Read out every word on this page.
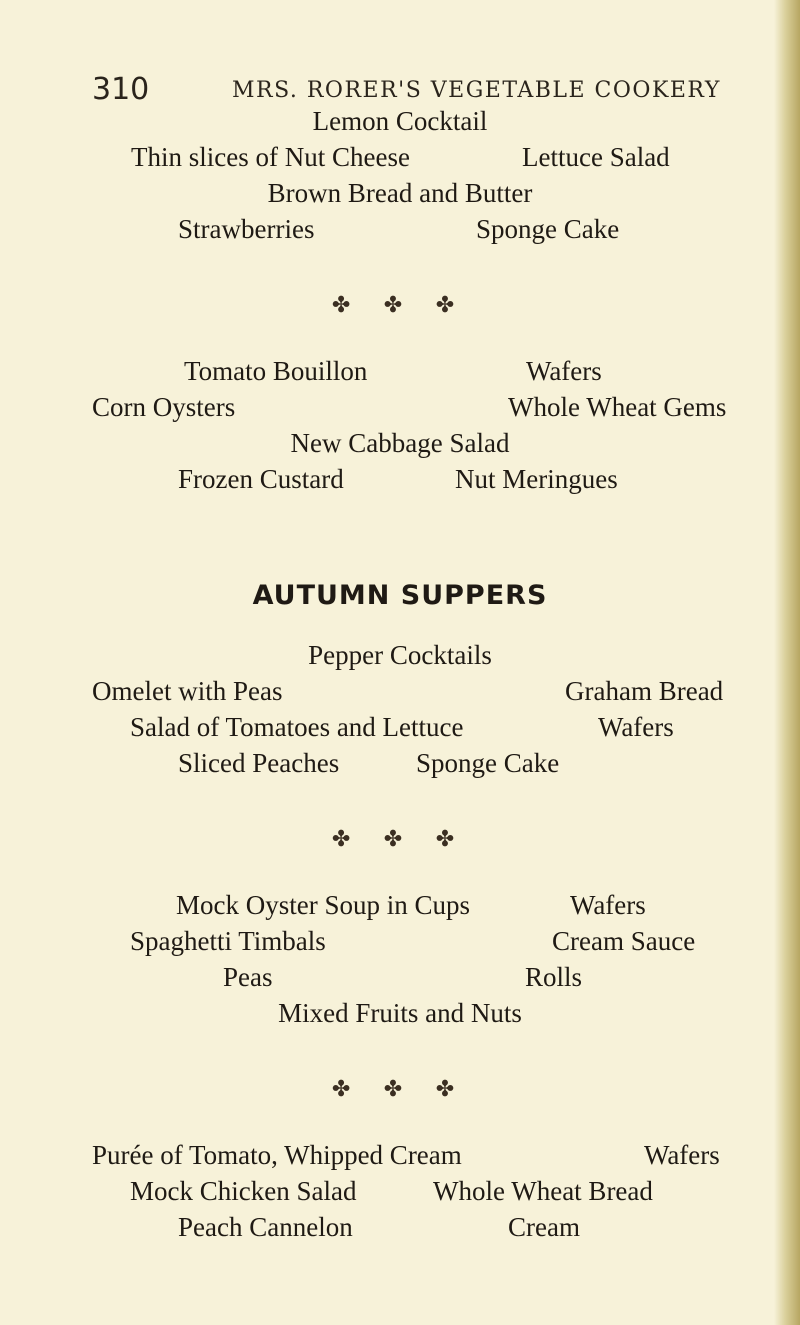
310	MRS. RORER'S VEGETABLE COOKERY
Lemon Cocktail
Thin slices of Nut Cheese	Lettuce Salad
Brown Bread and Butter
Strawberries	Sponge Cake
✤ ✤ ✤
Tomato Bouillon	Wafers
Corn Oysters	Whole Wheat Gems
New Cabbage Salad
Frozen Custard	Nut Meringues
AUTUMN SUPPERS
Pepper Cocktails
Omelet with Peas	Graham Bread
Salad of Tomatoes and Lettuce	Wafers
Sliced Peaches	Sponge Cake
✤ ✤ ✤
Mock Oyster Soup in Cups	Wafers
Spaghetti Timbals	Cream Sauce
Peas	Rolls
Mixed Fruits and Nuts
✤ ✤ ✤
Purée of Tomato, Whipped Cream	Wafers
Mock Chicken Salad	Whole Wheat Bread
Peach Cannelon	Cream
